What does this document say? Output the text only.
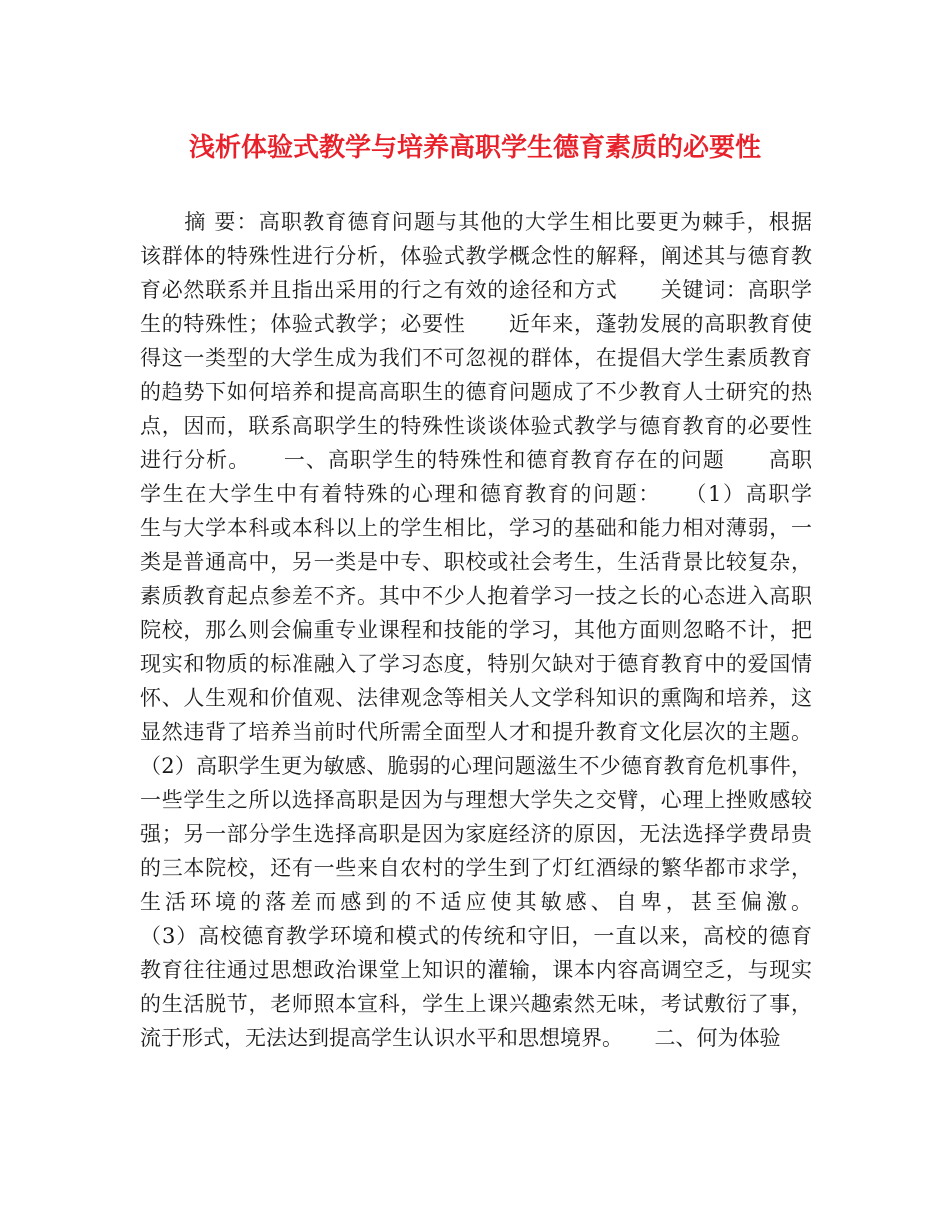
浅析体验式教学与培养高职学生德育素质的必要性
　　摘 要：高职教育德育问题与其他的大学生相比要更为棘手，根据
该群体的特殊性进行分析，体验式教学概念性的解释，阐述其与德育教
育必然联系并且指出采用的行之有效的途径和方式　　关键词：高职学
生的特殊性；体验式教学；必要性　　近年来，蓬勃发展的高职教育使
得这一类型的大学生成为我们不可忽视的群体，在提倡大学生素质教育
的趋势下如何培养和提高高职生的德育问题成了不少教育人士研究的热
点，因而，联系高职学生的特殊性谈谈体验式教学与德育教育的必要性
进行分析。　　一、高职学生的特殊性和德育教育存在的问题　　高职
学生在大学生中有着特殊的心理和德育教育的问题：　　（1）高职学
生与大学本科或本科以上的学生相比，学习的基础和能力相对薄弱，一
类是普通高中，另一类是中专、职校或社会考生，生活背景比较复杂，
素质教育起点参差不齐。其中不少人抱着学习一技之长的心态进入高职
院校，那么则会偏重专业课程和技能的学习，其他方面则忽略不计，把
现实和物质的标准融入了学习态度，特别欠缺对于德育教育中的爱国情
怀、人生观和价值观、法律观念等相关人文学科知识的熏陶和培养，这
显然违背了培养当前时代所需全面型人才和提升教育文化层次的主题。
（2）高职学生更为敏感、脆弱的心理问题滋生不少德育教育危机事件，
一些学生之所以选择高职是因为与理想大学失之交臂，心理上挫败感较
强；另一部分学生选择高职是因为家庭经济的原因，无法选择学费昂贵
的三本院校，还有一些来自农村的学生到了灯红酒绿的繁华都市求学，
生活环境的落差而感到的不适应使其敏感、自卑，甚至偏激。
（3）高校德育教学环境和模式的传统和守旧，一直以来，高校的德育
教育往往通过思想政治课堂上知识的灌输，课本内容高调空乏，与现实
的生活脱节，老师照本宣科，学生上课兴趣索然无味，考试敷衍了事，
流于形式，无法达到提高学生认识水平和思想境界。　　二、何为体验
